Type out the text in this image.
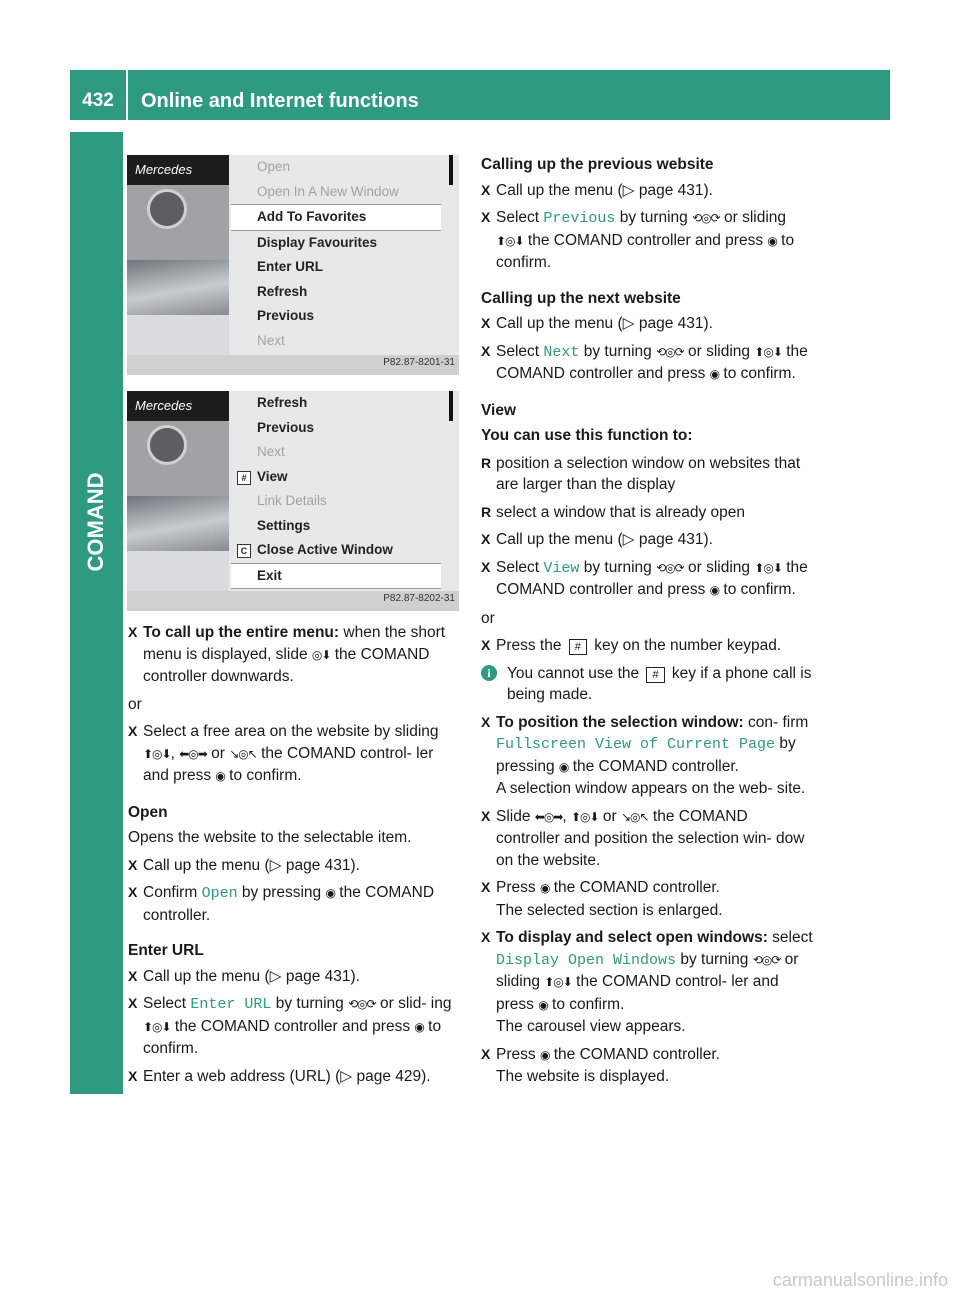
432	Online and Internet functions
COMAND
Mercedes	Open
Open In A New Window
Add To Favorites
Display Favourites
Enter URL
Refresh
Previous
Next
P82.87-8201-31
Mercedes	Refresh
Previous
Next
# View
Link Details
Settings
C Close Active Window
Exit
P82.87-8202-31

X To call up the entire menu: when the short menu is displayed, slide ◎⬇ the COMAND controller downwards.

or

X Select a free area on the website by sliding ⬆◎⬇, ⬅◎➡ or ↘◎↖ the COMAND control- ler and press ◉ to confirm.

Open

Opens the website to the selectable item.

X Call up the menu (▷ page 431).

X Confirm Open by pressing ◉ the COMAND controller.

Enter URL

X Call up the menu (▷ page 431).

X Select Enter URL by turning ⟲◎⟳ or slid- ing ⬆◎⬇ the COMAND controller and press ◉ to confirm.

X Enter a web address (URL) (▷ page 429).

Calling up the previous website

X Call up the menu (▷ page 431).

X Select Previous by turning ⟲◎⟳ or sliding ⬆◎⬇ the COMAND controller and press ◉ to confirm.

Calling up the next website

X Call up the menu (▷ page 431).

X Select Next by turning ⟲◎⟳ or sliding ⬆◎⬇ the COMAND controller and press ◉ to confirm.

View

You can use this function to:

R position a selection window on websites that are larger than the display

R select a window that is already open

X Call up the menu (▷ page 431).

X Select View by turning ⟲◎⟳ or sliding ⬆◎⬇ the COMAND controller and press ◉ to confirm.

or

X Press the # key on the number keypad.

i	You cannot use the # key if a phone call is being made.

X To position the selection window: con- firm Fullscreen View of Current Page by pressing ◉ the COMAND controller.
A selection window appears on the web- site.

X Slide ⬅◎➡, ⬆◎⬇ or ↘◎↖ the COMAND controller and position the selection win- dow on the website.

X Press ◉ the COMAND controller.
The selected section is enlarged.

X To display and select open windows: select Display Open Windows by turning ⟲◎⟳ or sliding ⬆◎⬇ the COMAND control- ler and press ◉ to confirm.
The carousel view appears.

X Press ◉ the COMAND controller.
The website is displayed.

carmanualsonline.info
